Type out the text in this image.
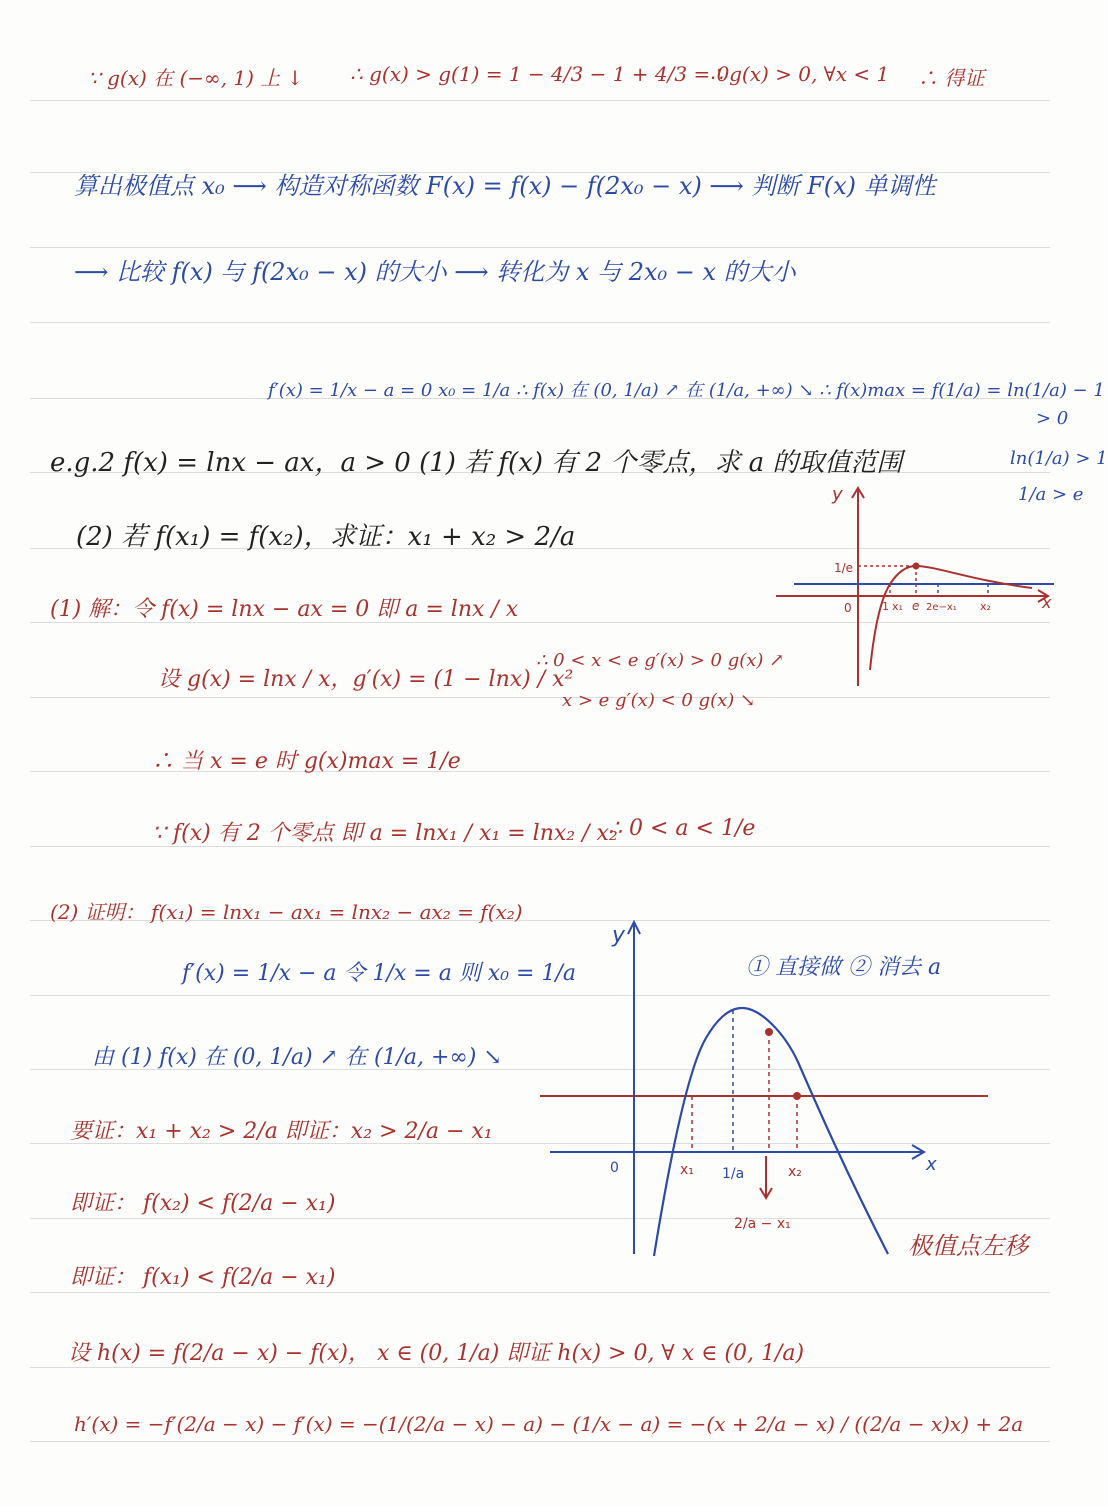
∵ g(x) 在 (−∞, 1) 上 ↓ ∴ g(x) > g(1) = 1 − 4/3 − 1 + 4/3 = 0
∴ g(x) > 0, ∀x < 1 ∴ 得证
算出极值点 x₀ ⟶ 构造对称函数 F(x) = f(x) − f(2x₀ − x) ⟶ 判断 F(x) 单调性
⟶ 比较 f(x) 与 f(2x₀ − x) 的大小 ⟶ 转化为 x 与 2x₀ − x 的大小
f′(x) = 1/x − a = 0 x₀ = 1/a ∴ f(x) 在 (0, 1/a) ↗ 在 (1/a, +∞) ↘ ∴ f(x)max = f(1/a) = ln(1/a) − 1
> 0
e.g.2 f(x) = lnx − ax，a > 0 (1) 若 f(x) 有 2 个零点，求 a 的取值范围	ln(1/a) > 1
1/a > e
(2) 若 f(x₁) = f(x₂)，求证：x₁ + x₂ > 2/a
(1) 解：令 f(x) = lnx − ax = 0 即 a = lnx / x
设 g(x) = lnx / x，g′(x) = (1 − lnx) / x²
∴ 0 < x < e g′(x) > 0 g(x) ↗
x > e g′(x) < 0 g(x) ↘
∴ 当 x = e 时 g(x)max = 1/e
∵ f(x) 有 2 个零点 即 a = lnx₁ / x₁ = lnx₂ / x₂
∴ 0 < a < 1/e
(2) 证明： f(x₁) = lnx₁ − ax₁ = lnx₂ − ax₂ = f(x₂)
f′(x) = 1/x − a 令 1/x = a 则 x₀ = 1/a	① 直接做 ② 消去 a
由 (1) f(x) 在 (0, 1/a) ↗ 在 (1/a, +∞) ↘
要证：x₁ + x₂ > 2/a 即证：x₂ > 2/a − x₁
即证： f(x₂) < f(2/a − x₁)
即证： f(x₁) < f(2/a − x₁)
极值点左移
设 h(x) = f(2/a − x) − f(x)， x ∈ (0, 1/a) 即证 h(x) > 0, ∀ x ∈ (0, 1/a)
h′(x) = −f′(2/a − x) − f′(x) = −(1/(2/a − x) − a) − (1/x − a) = −(x + 2/a − x) / ((2/a − x)x) + 2a
y
x
0
1/e
1 x₁ e 2e−x₁ x₂
y
x
0	x₁ 1/a	x₂
2/a − x₁
